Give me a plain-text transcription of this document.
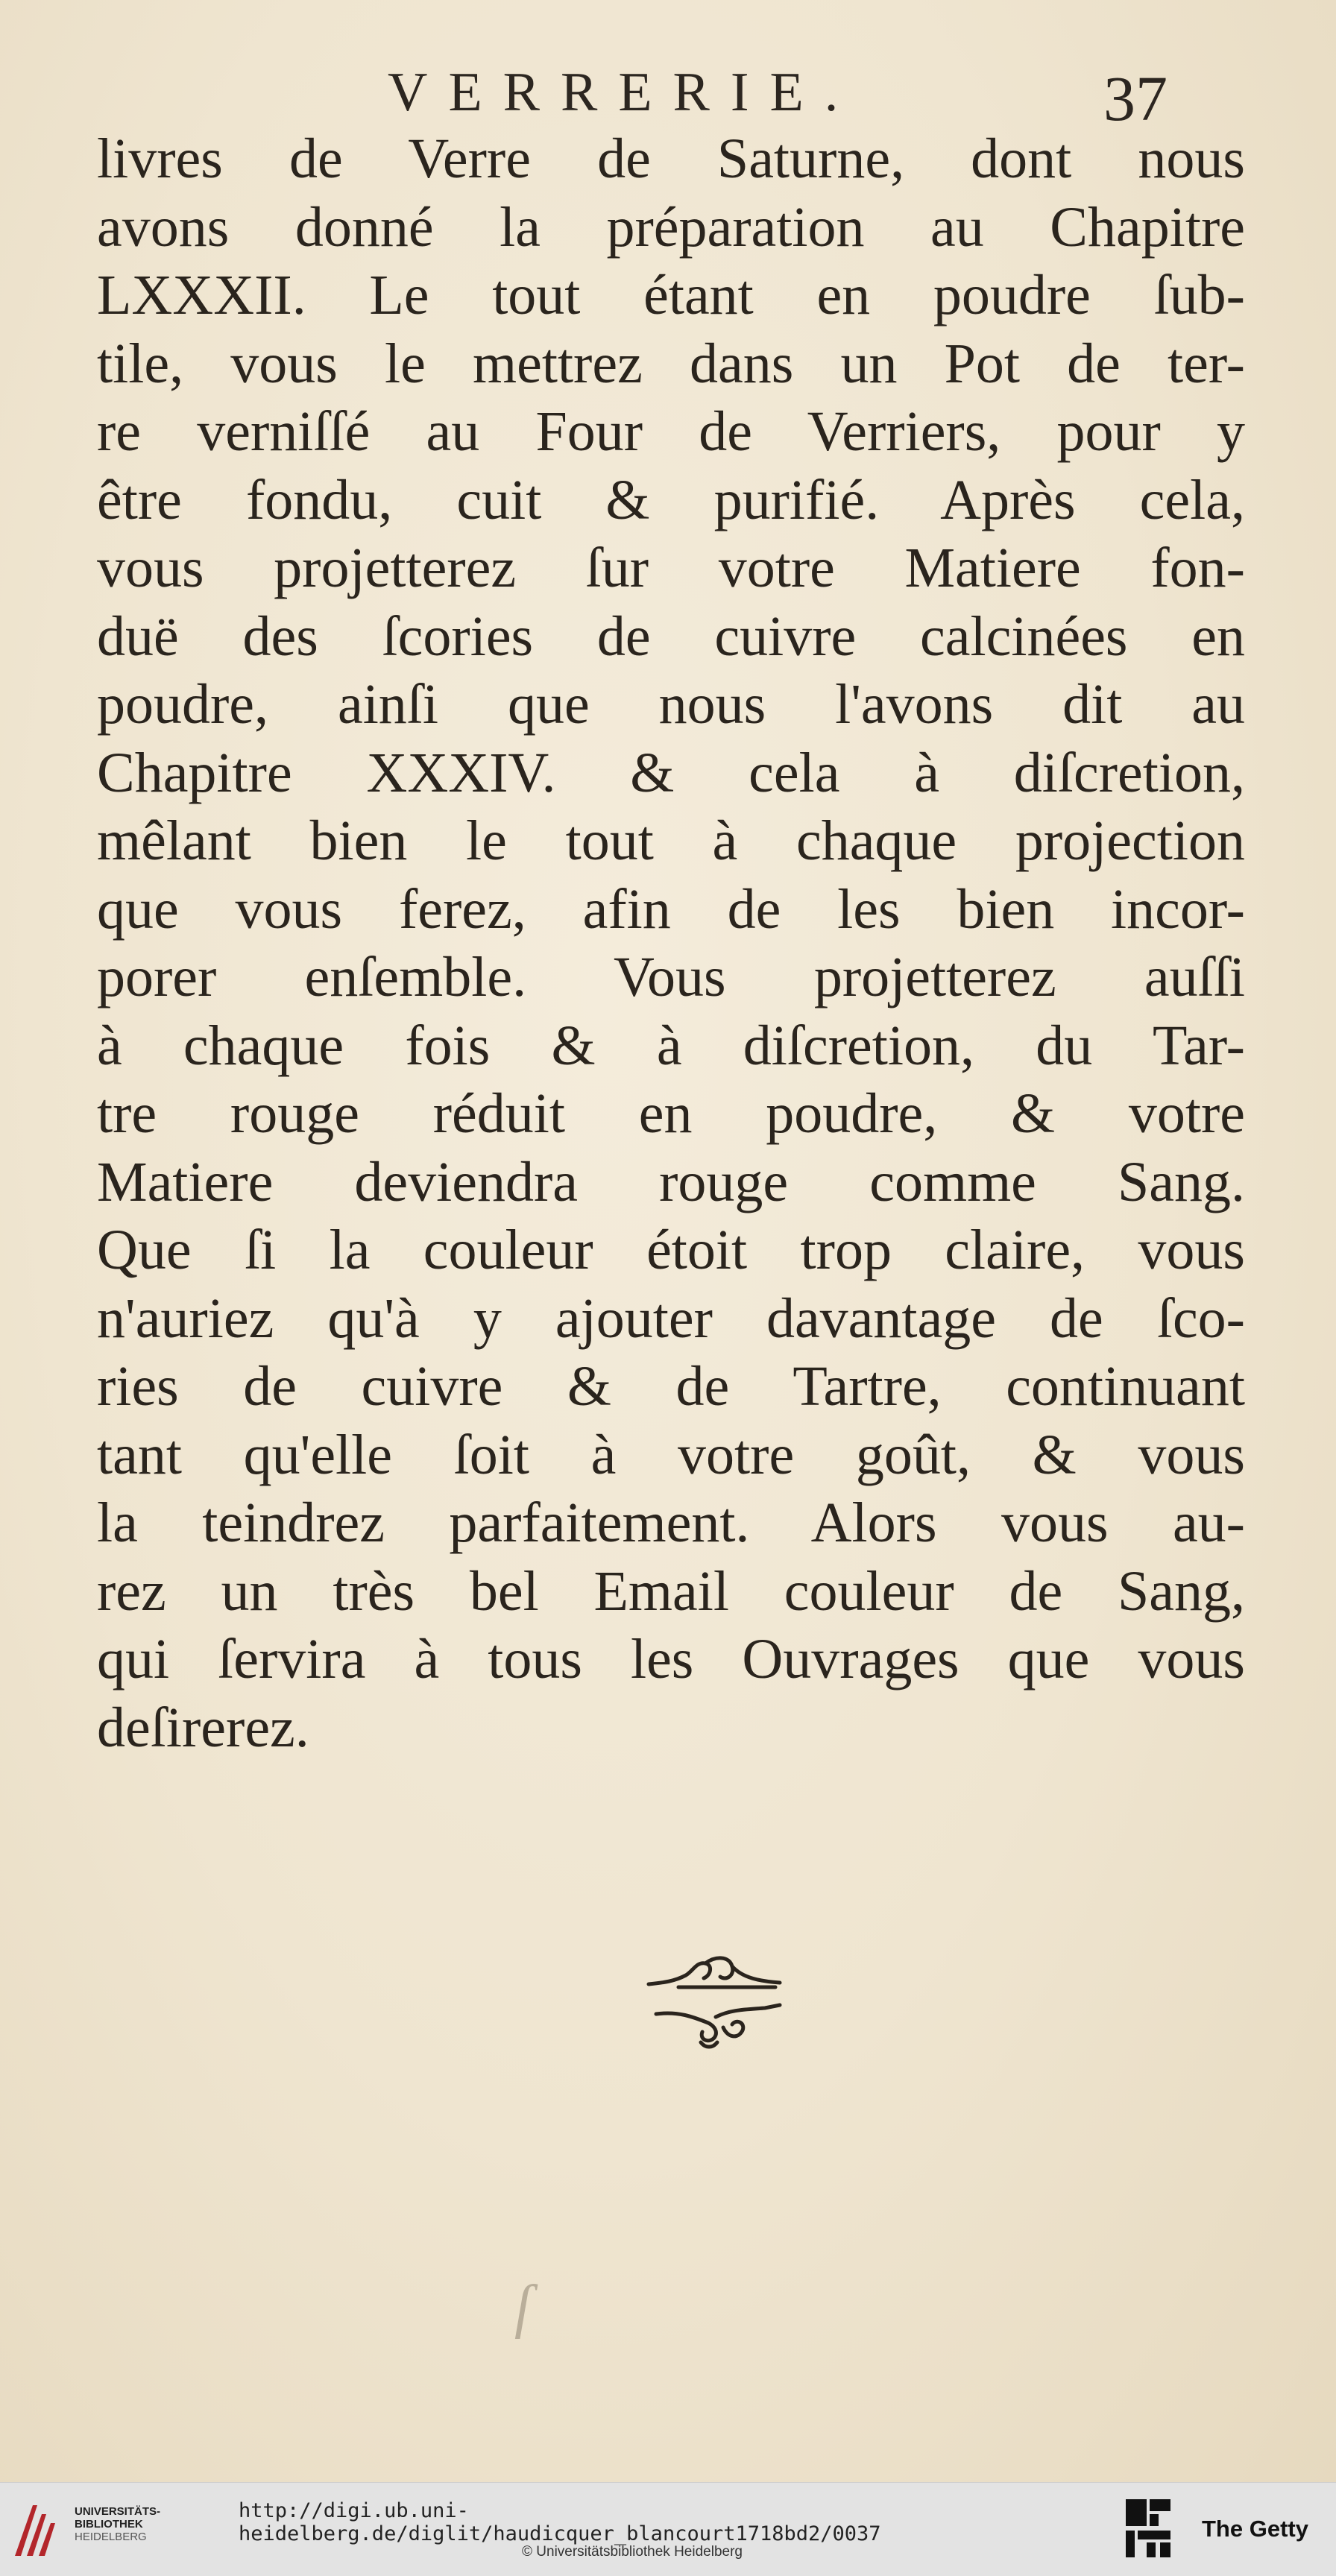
VERRERIE.	37
livres de Verre de Saturne, dont nous
avons donné la préparation au Chapitre
LXXXII. Le tout étant en poudre ſub-
tile, vous le mettrez dans un Pot de ter-
re verniſſé au Four de Verriers, pour y
être fondu, cuit & purifié. Après cela,
vous projetterez ſur votre Matiere fon-
duë des ſcories de cuivre calcinées en
poudre, ainſi que nous l'avons dit au
Chapitre XXXIV. & cela à diſcretion,
mêlant bien le tout à chaque projection
que vous ferez, afin de les bien incor-
porer enſemble. Vous projetterez auſſi
à chaque fois & à diſcretion, du Tar-
tre rouge réduit en poudre, & votre
Matiere deviendra rouge comme Sang.
Que ſi la couleur étoit trop claire, vous
n'auriez qu'à y ajouter davantage de ſco-
ries de cuivre & de Tartre, continuant
tant qu'elle ſoit à votre goût, & vous
la teindrez parfaitement. Alors vous au-
rez un très bel Email couleur de Sang,
qui ſervira à tous les Ouvrages que vous
deſirerez.
ſ
UNIVERSITÄTS-
BIBLIOTHEK
HEIDELBERG
http://digi.ub.uni-heidelberg.de/diglit/haudicquer_blancourt1718bd2/0037
© Universitätsbibliothek Heidelberg
The Getty
